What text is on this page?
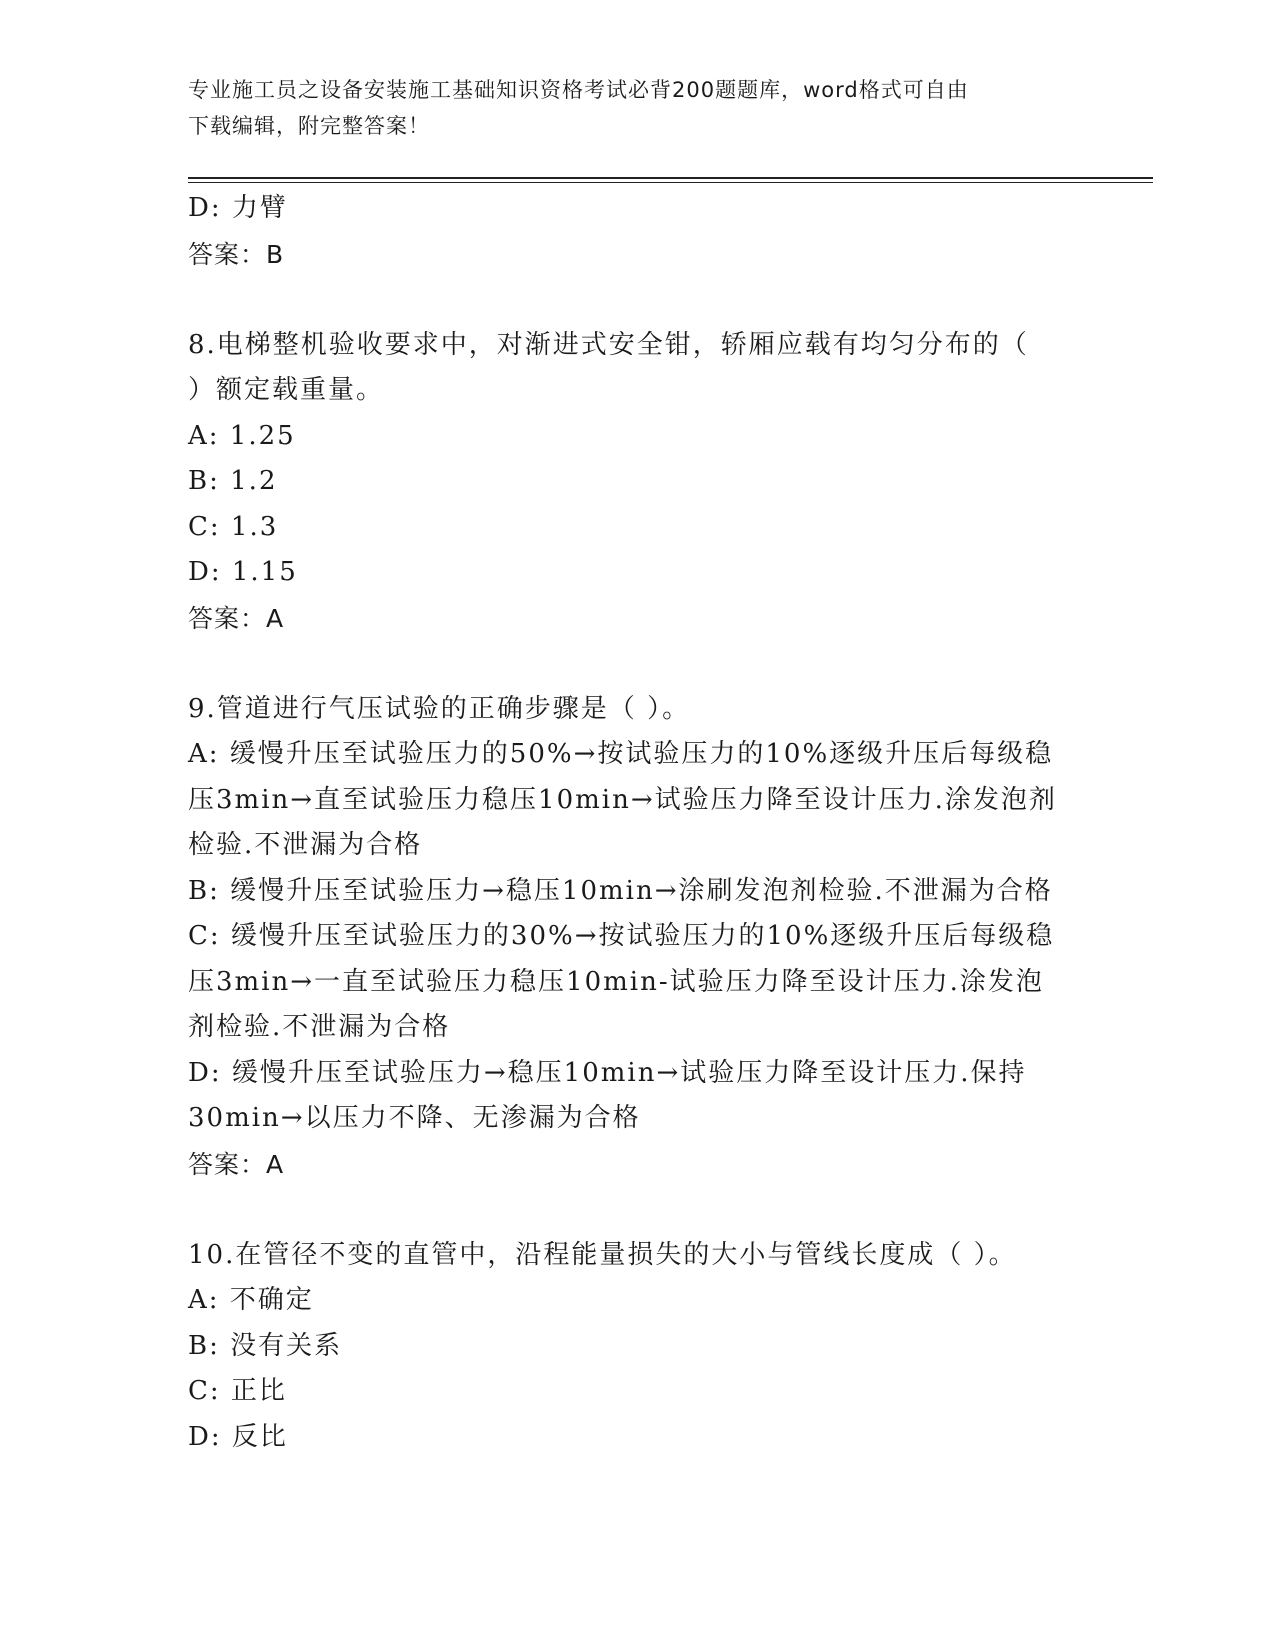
专业施工员之设备安装施工基础知识资格考试必背200题题库，word格式可自由
下载编辑，附完整答案！
D: 力臂
答案：B
8.电梯整机验收要求中，对渐进式安全钳，轿厢应载有均匀分布的（
）额定载重量。
A: 1.25
B: 1.2
C: 1.3
D: 1.15
答案：A
9.管道进行气压试验的正确步骤是（ ）。
A: 缓慢升压至试验压力的50%→按试验压力的10%逐级升压后每级稳
压3min→直至试验压力稳压10min→试验压力降至设计压力.涂发泡剂
检验.不泄漏为合格
B: 缓慢升压至试验压力→稳压10min→涂刷发泡剂检验.不泄漏为合格
C: 缓慢升压至试验压力的30%→按试验压力的10%逐级升压后每级稳
压3min→一直至试验压力稳压10min-试验压力降至设计压力.涂发泡
剂检验.不泄漏为合格
D: 缓慢升压至试验压力→稳压10min→试验压力降至设计压力.保持
30min→以压力不降、无渗漏为合格
答案：A
10.在管径不变的直管中，沿程能量损失的大小与管线长度成（ ）。
A: 不确定
B: 没有关系
C: 正比
D: 反比
